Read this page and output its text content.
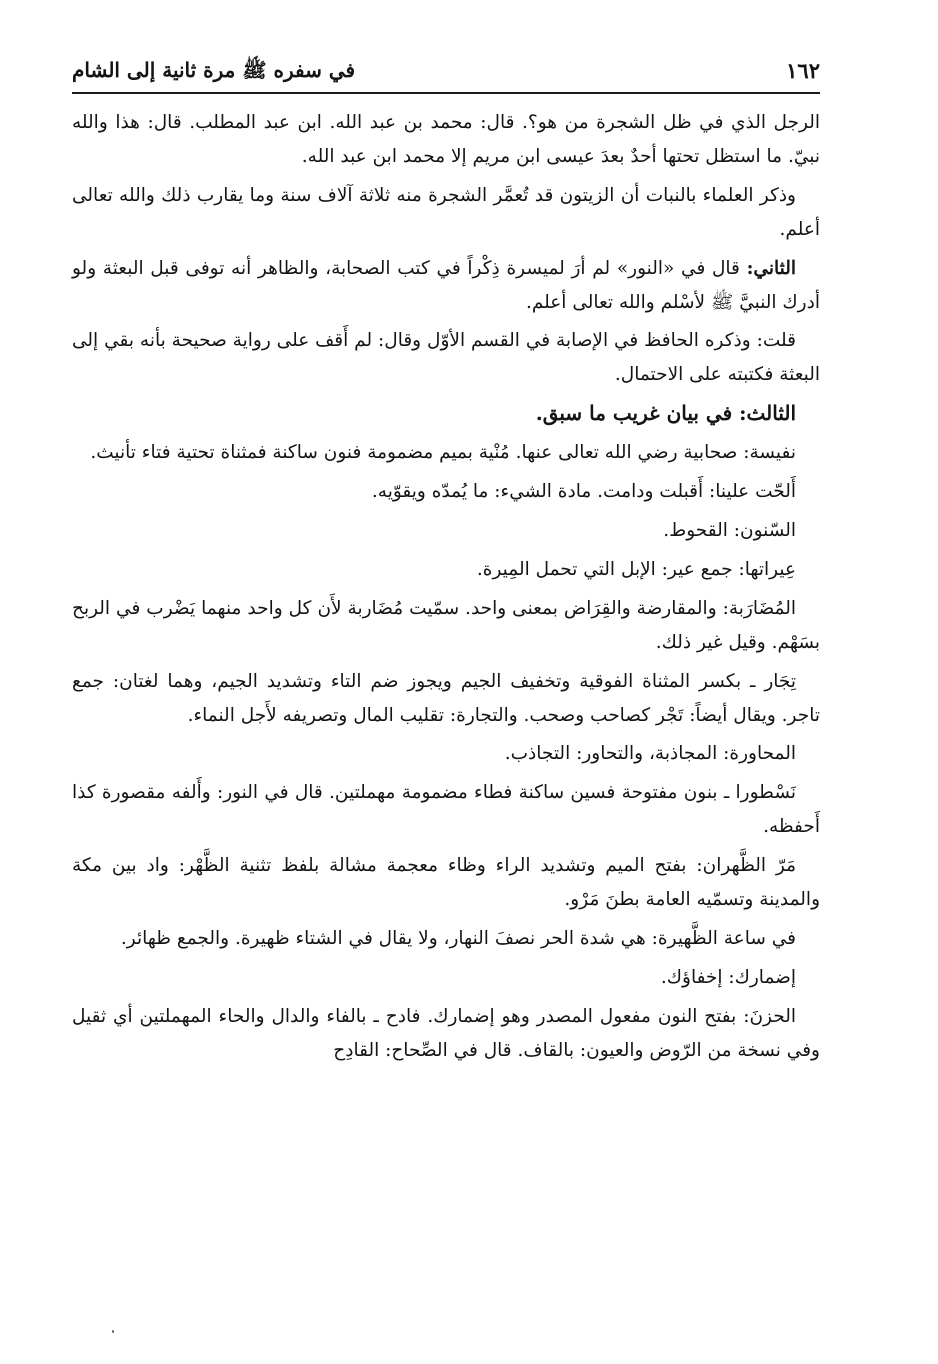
١٦٢
في سفره ﷺ مرة ثانية إلى الشام

الرجل الذي في ظل الشجرة من هو؟. قال: محمد بن عبد الله. ابن عبد المطلب. قال: هذا والله نبيّ. ما استظل تحتها أحدٌ بعدَ عيسى ابن مريم إلا محمد ابن عبد الله.

وذكر العلماء بالنبات أن الزيتون قد تُعمَّر الشجرة منه ثلاثة آلاف سنة وما يقارب ذلك والله تعالى أعلم.

الثاني: قال في «النور» لم أرَ لميسرة ذِكْراً في كتب الصحابة، والظاهر أنه توفى قبل البعثة ولو أدرك النبيَّ ﷺ لأسْلم والله تعالى أعلم.

قلت: وذكره الحافظ في الإصابة في القسم الأوّل وقال: لم أَقف على رواية صحيحة بأنه بقي إلى البعثة فكتبته على الاحتمال.

الثالث: في بيان غريب ما سبق.

نفيسة: صحابية رضي الله تعالى عنها. مُنْية بميم مضمومة فنون ساكنة فمثناة تحتية فتاء تأنيث.

أَلحّت علينا: أَقبلت ودامت. مادة الشيء: ما يُمدّه ويقوّيه.

السّنون: القحوط.

عِيراتها: جمع عير: الإبل التي تحمل المِيرة.

المُضَارَبة: والمقارضة والقِرَاض بمعنى واحد. سمّيت مُضَاربة لأَن كل واحد منهما يَضْرب في الربح بسَهْم. وقيل غير ذلك.

تِجَار ـ بكسر المثناة الفوقية وتخفيف الجيم ويجوز ضم التاء وتشديد الجيم، وهما لغتان: جمع تاجر. ويقال أيضاً: تَجْر كصاحب وصحب. والتجارة: تقليب المال وتصريفه لأَجل النماء.

المحاورة: المجاذبة، والتحاور: التجاذب.

نَسْطورا ـ بنون مفتوحة فسين ساكنة فطاء مضمومة مهملتين. قال في النور: وأَلفه مقصورة كذا أَحفظه.

مَرّ الظَّهران: بفتح الميم وتشديد الراء وظاء معجمة مشالة بلفظ تثنية الظَّهْر: واد بين مكة والمدينة وتسمّيه العامة بطنَ مَرْو.

في ساعة الظَّهيرة: هي شدة الحر نصفَ النهار، ولا يقال في الشتاء ظهيرة. والجمع ظهائر.

إضمارك: إخفاؤك.

الحزنَ: بفتح النون مفعول المصدر وهو إضمارك. فادح ـ بالفاء والدال والحاء المهملتين أي ثقيل وفي نسخة من الرّوض والعيون: بالقاف. قال في الصِّحاح: القادِح
